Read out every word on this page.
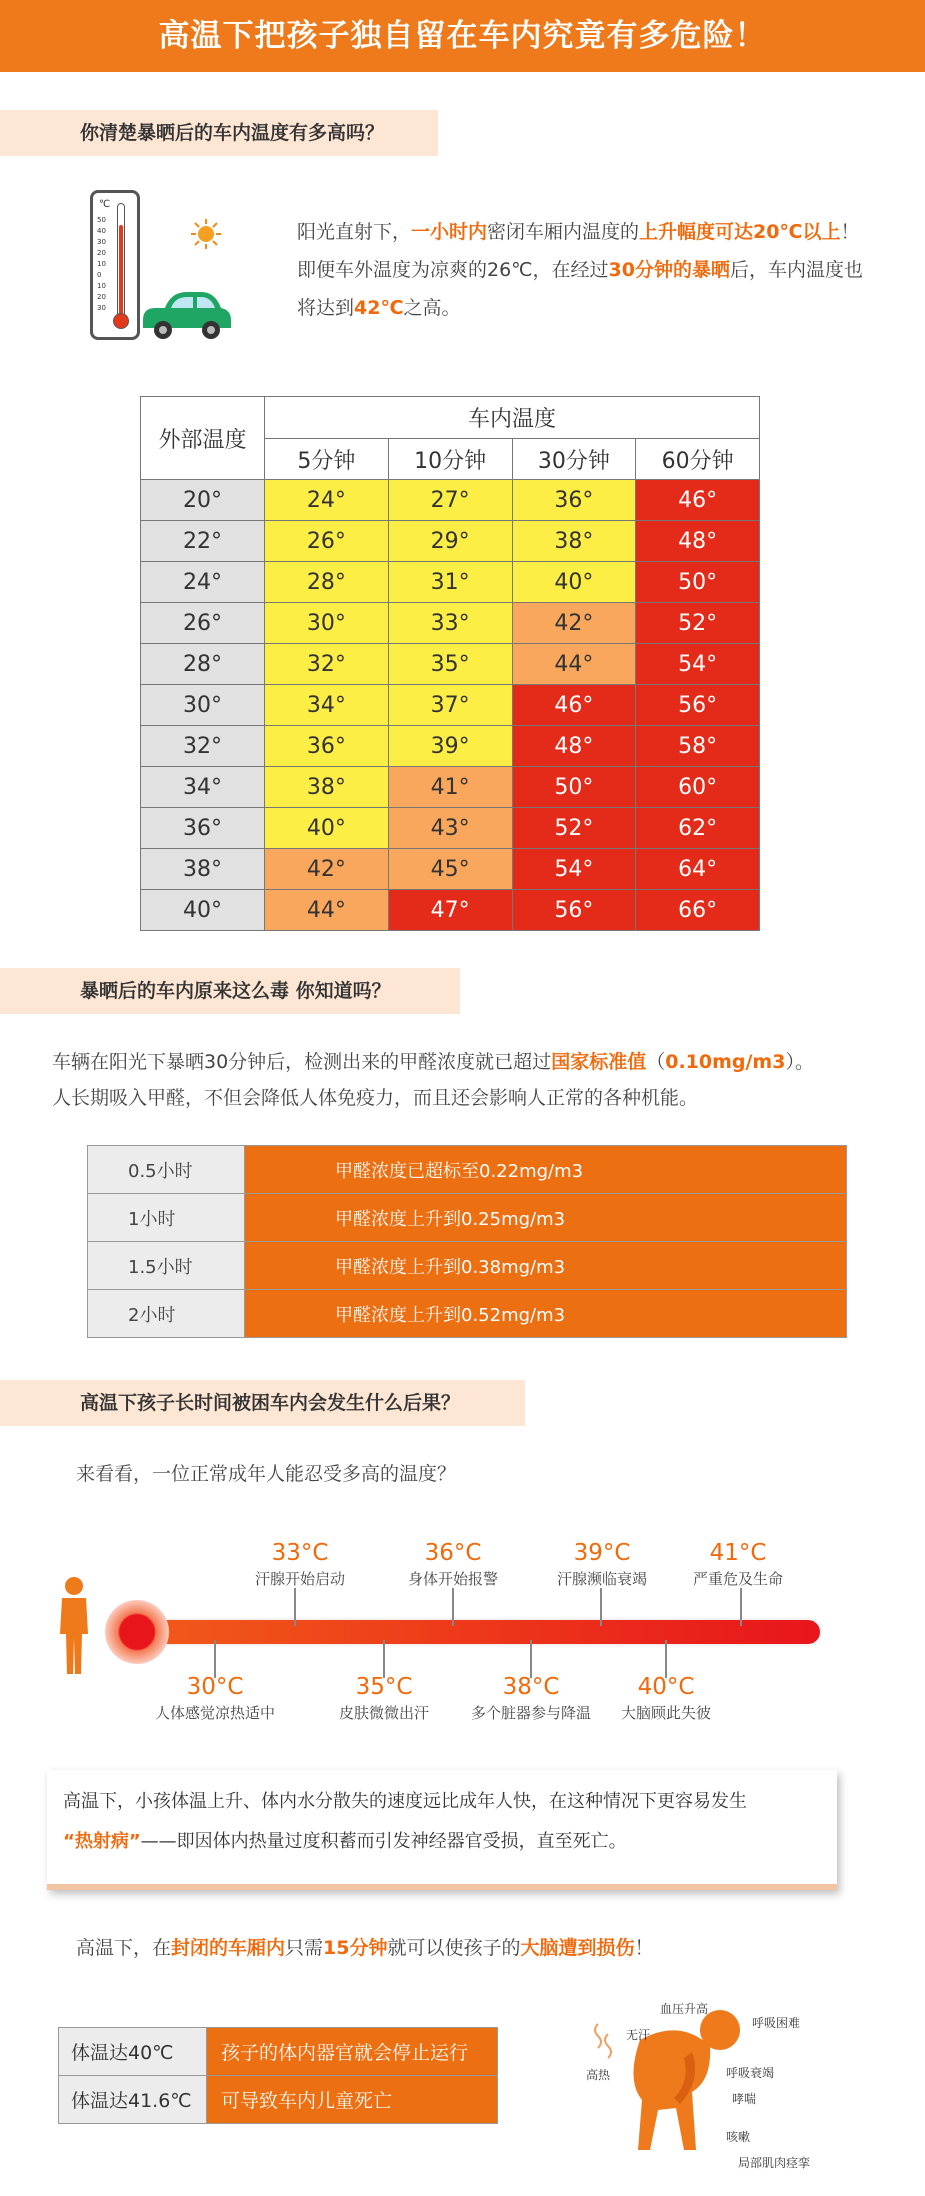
高温下把孩子独自留在车内究竟有多危险！
你清楚暴晒后的车内温度有多高吗？
℃
50
40
30
20
10
0
10
20
30
阳光直射下，一小时内密闭车厢内温度的上升幅度可达20℃以上！
即便车外温度为凉爽的26℃，在经过30分钟的暴晒后，车内温度也
将达到42℃之高。
外部温度	车内温度			
	5分钟	10分钟	30分钟	60分钟
20°	24°	27°	36°	46°
22°	26°	29°	38°	48°
24°	28°	31°	40°	50°
26°	30°	33°	42°	52°
28°	32°	35°	44°	54°
30°	34°	37°	46°	56°
32°	36°	39°	48°	58°
34°	38°	41°	50°	60°
36°	40°	43°	52°	62°
38°	42°	45°	54°	64°
40°	44°	47°	56°	66°
暴晒后的车内原来这么毒 你知道吗？
车辆在阳光下暴晒30分钟后，检测出来的甲醛浓度就已超过国家标准值（0.10mg/m3）。
人长期吸入甲醛，不但会降低人体免疫力，而且还会影响人正常的各种机能。
0.5小时	甲醛浓度已超标至0.22mg/m3
1小时	甲醛浓度上升到0.25mg/m3
1.5小时	甲醛浓度上升到0.38mg/m3
2小时	甲醛浓度上升到0.52mg/m3
高温下孩子长时间被困车内会发生什么后果？
来看看，一位正常成年人能忍受多高的温度？
33°C
汗腺开始启动
36°C
身体开始报警
39°C
汗腺濒临衰竭
41°C
严重危及生命
30°C
人体感觉凉热适中
35°C
皮肤微微出汗
38°C
多个脏器参与降温
40°C
大脑顾此失彼
高温下，小孩体温上升、体内水分散失的速度远比成年人快，在这种情况下更容易发生
“热射病”——即因体内热量过度积蓄而引发神经器官受损，直至死亡。
高温下，在封闭的车厢内只需15分钟就可以使孩子的大脑遭到损伤！
体温达40℃	孩子的体内器官就会停止运行
体温达41.6℃	可导致车内儿童死亡
血压升高
无汗
呼吸困难
高热	呼吸衰竭
哮喘
咳嗽
局部肌肉痉挛
